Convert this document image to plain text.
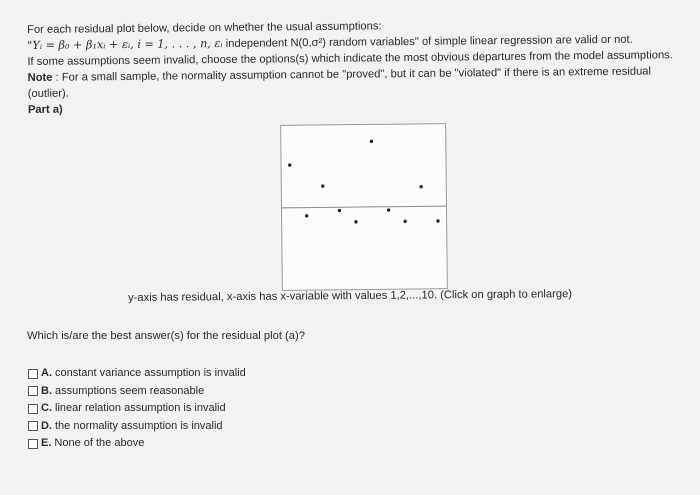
For each residual plot below, decide on whether the usual assumptions:

"Yᵢ = β₀ + β₁xᵢ + εᵢ, i = 1, . . . , n, εᵢ independent N(0,σ²) random variables" of simple linear regression are valid or not.

If some assumptions seem invalid, choose the options(s) which indicate the most obvious departures from the model assumptions.

Note : For a small sample, the normality assumption cannot be "proved", but it can be "violated" if there is an extreme residual (outlier).

Part a)

y-axis has residual, x-axis has x-variable with values 1,2,...,10. (Click on graph to enlarge)
Which is/are the best answer(s) for the residual plot (a)?
A. constant variance assumption is invalid
B. assumptions seem reasonable
C. linear relation assumption is invalid
D. the normality assumption is invalid
E. None of the above
